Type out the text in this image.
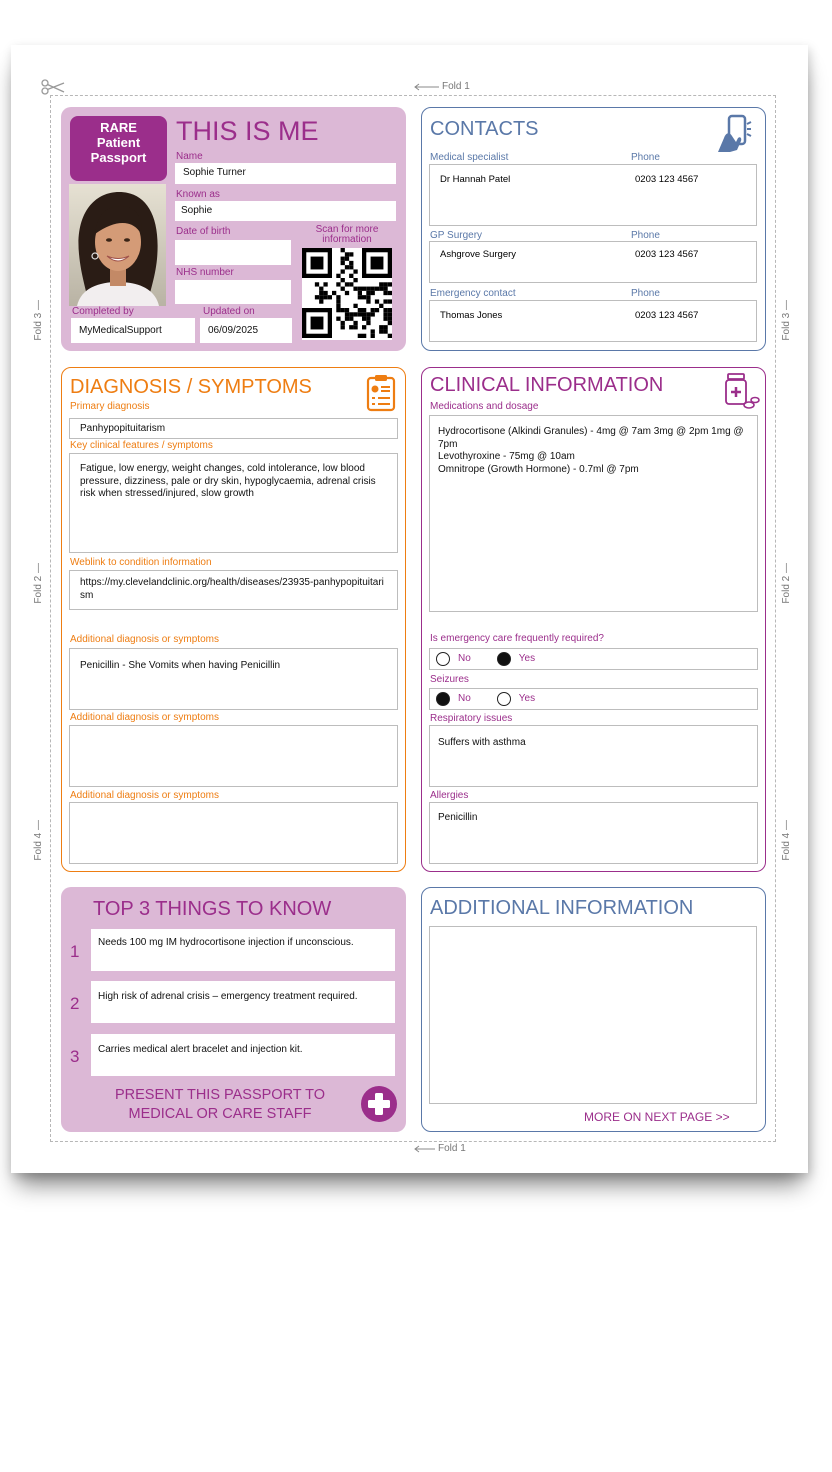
Fold 1
Fold 1
Fold 3 —
Fold 3 —
Fold 2 —
Fold 2 —
Fold 4 —
Fold 4 —
RARE
Patient
Passport
THIS IS ME
Name
Sophie Turner
Known as
Sophie
Date of birth
NHS number
Scan for more information
Completed by	Updated on
MyMedicalSupport	06/09/2025
CONTACTS
Medical specialist	Phone
Dr Hannah Patel	0203 123 4567
GP Surgery	Phone
Ashgrove Surgery	0203 123 4567
Emergency contact	Phone
Thomas Jones	0203 123 4567
DIAGNOSIS / SYMPTOMS
Primary diagnosis
Panhypopituitarism
Key clinical features / symptoms
Fatigue, low energy, weight changes, cold intolerance, low blood pressure, dizziness, pale or dry skin, hypoglycaemia, adrenal crisis risk when stressed/injured, slow growth
Weblink to condition information
https://my.clevelandclinic.org/health/diseases/23935-panhypopituitarism
Additional diagnosis or symptoms
Penicillin - She Vomits when having Penicillin
Additional diagnosis or symptoms
Additional diagnosis or symptoms
CLINICAL INFORMATION
Medications and dosage
Hydrocortisone (Alkindi Granules) - 4mg @ 7am 3mg @ 2pm 1mg @ 7pm
Levothyroxine - 75mg @ 10am
Omnitrope (Growth Hormone) - 0.7ml @ 7pm
Is emergency care frequently required?
No	Yes
Seizures
No	Yes
Respiratory issues
Suffers with asthma
Allergies
Penicillin
TOP 3 THINGS TO KNOW
1	Needs 100 mg IM hydrocortisone injection if unconscious.
2	High risk of adrenal crisis – emergency treatment required.
3	Carries medical alert bracelet and injection kit.
PRESENT THIS PASSPORT TO
MEDICAL OR CARE STAFF
ADDITIONAL INFORMATION
MORE ON NEXT PAGE >>
